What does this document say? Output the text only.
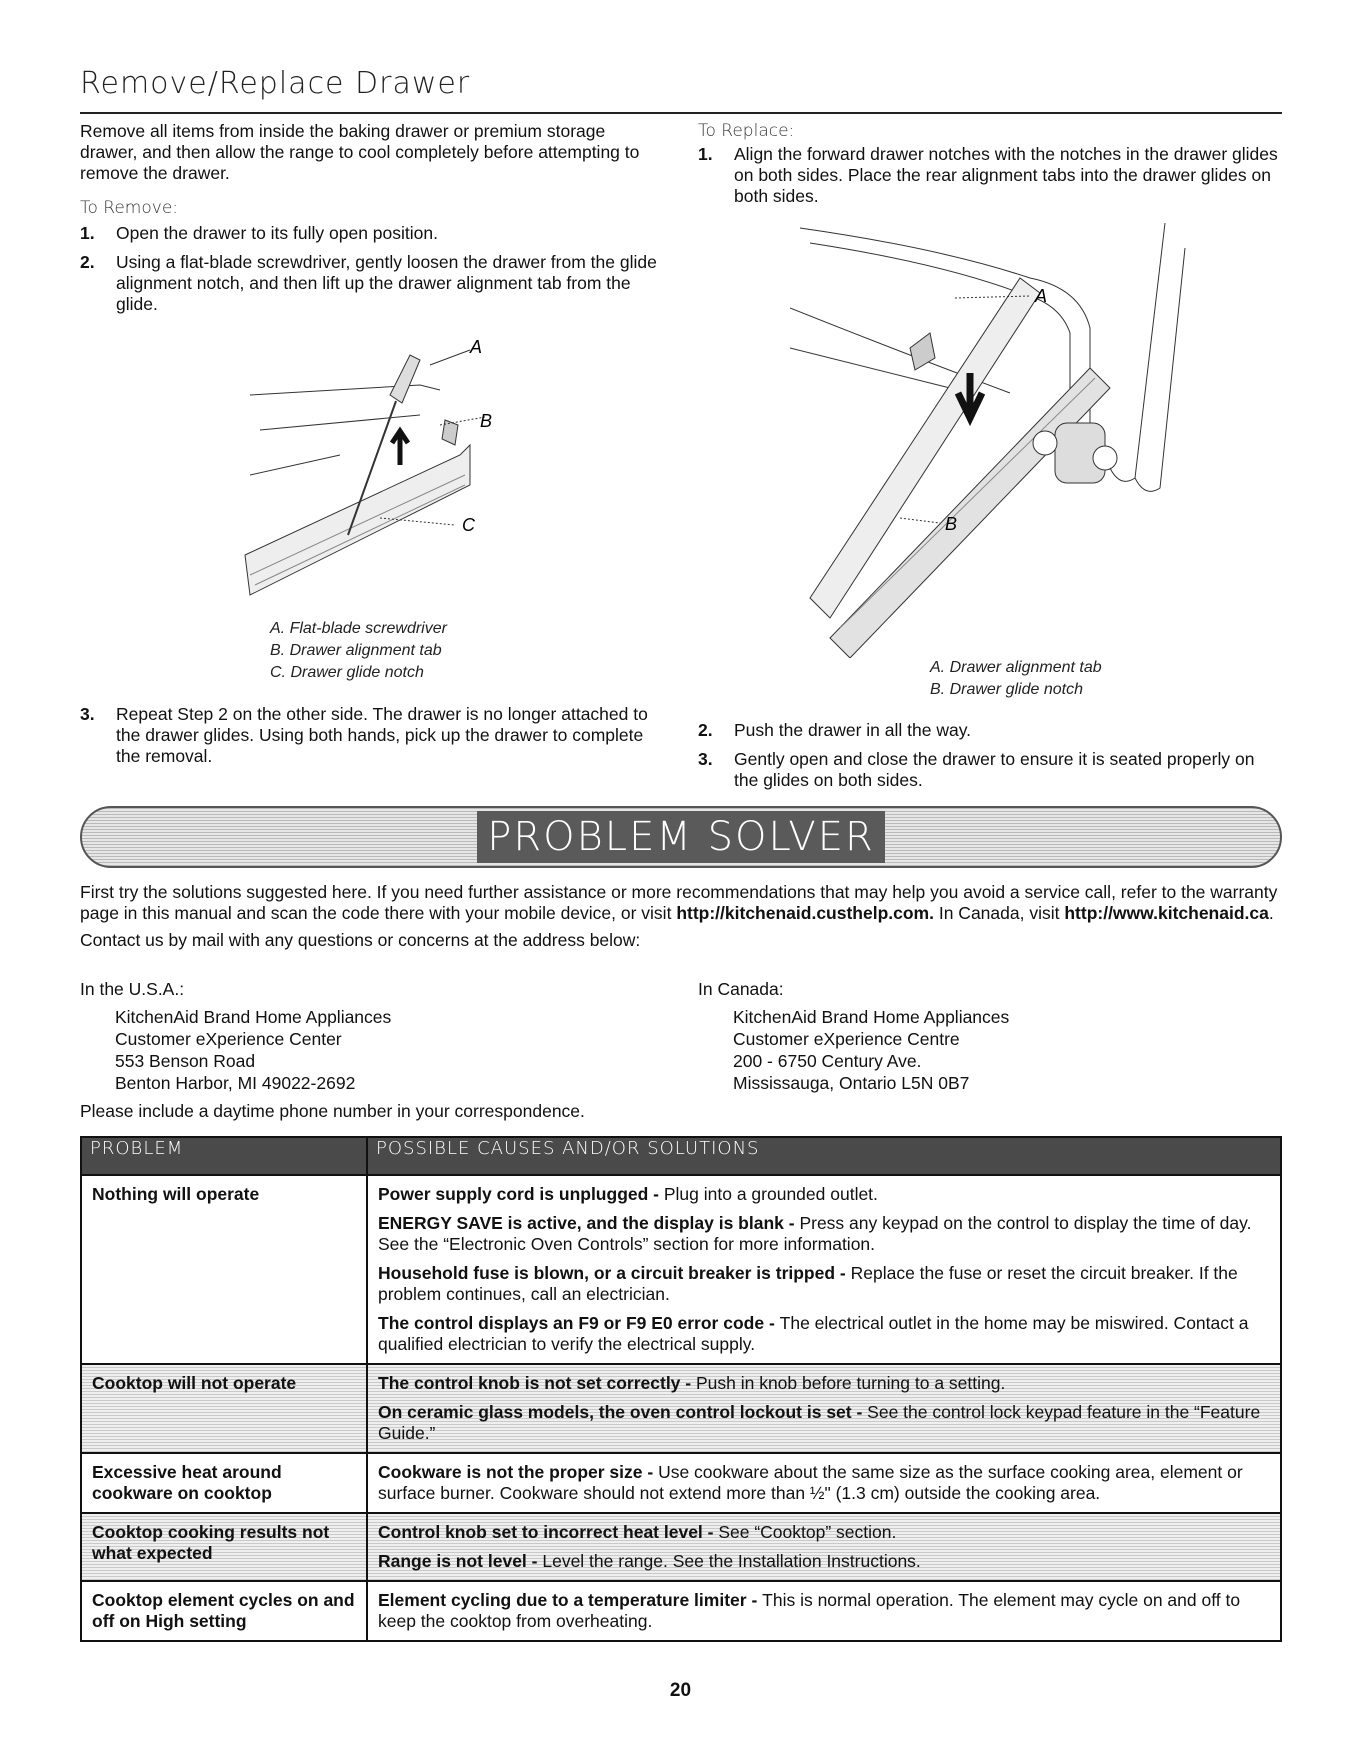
Remove/Replace Drawer

Remove all items from inside the baking drawer or premium storage drawer, and then allow the range to cool completely before attempting to remove the drawer.

To Remove:

1. Open the drawer to its fully open position.
2. Using a flat-blade screwdriver, gently loosen the drawer from the glide alignment notch, and then lift up the drawer alignment tab from the glide.
A
B
C
A. Flat-blade screwdriver
B. Drawer alignment tab
C. Drawer glide notch
3. Repeat Step 2 on the other side. The drawer is no longer attached to the drawer glides. Using both hands, pick up the drawer to complete the removal.

To Replace:

1. Align the forward drawer notches with the notches in the drawer glides on both sides. Place the rear alignment tabs into the drawer glides on both sides.
A
B
A. Drawer alignment tab
B. Drawer glide notch
2. Push the drawer in all the way.
3. Gently open and close the drawer to ensure it is seated properly on the glides on both sides.
PROBLEM SOLVER

First try the solutions suggested here. If you need further assistance or more recommendations that may help you avoid a service call, refer to the warranty page in this manual and scan the code there with your mobile device, or visit http://kitchenaid.custhelp.com. In Canada, visit http://www.kitchenaid.ca.

Contact us by mail with any questions or concerns at the address below:

In the U.S.A.:
KitchenAid Brand Home Appliances
Customer eXperience Center
553 Benson Road
Benton Harbor, MI 49022-2692
In Canada:
KitchenAid Brand Home Appliances
Customer eXperience Centre
200 - 6750 Century Ave.
Mississauga, Ontario L5N 0B7
Please include a daytime phone number in your correspondence.
PROBLEM	POSSIBLE CAUSES AND/OR SOLUTIONS
Nothing will operate	Power supply cord is unplugged - Plug into a grounded outlet.

ENERGY SAVE is active, and the display is blank - Press any keypad on the control to display the time of day. See the “Electronic Oven Controls” section for more information.

Household fuse is blown, or a circuit breaker is tripped - Replace the fuse or reset the circuit breaker. If the problem continues, call an electrician.

The control displays an F9 or F9 E0 error code - The electrical outlet in the home may be miswired. Contact a qualified electrician to verify the electrical supply.

Cooktop will not operate	The control knob is not set correctly - Push in knob before turning to a setting.

On ceramic glass models, the oven control lockout is set - See the control lock keypad feature in the “Feature Guide.”

Excessive heat around cookware on cooktop	Cookware is not the proper size - Use cookware about the same size as the surface cooking area, element or surface burner. Cookware should not extend more than ½" (1.3 cm) outside the cooking area.

Cooktop cooking results not what expected	Control knob set to incorrect heat level - See “Cooktop” section.

Range is not level - Level the range. See the Installation Instructions.

Cooktop element cycles on and off on High setting	Element cycling due to a temperature limiter - This is normal operation. The element may cycle on and off to keep the cooktop from overheating.

20
